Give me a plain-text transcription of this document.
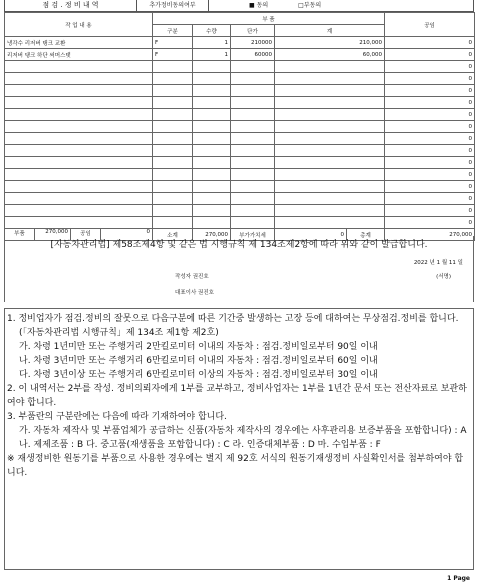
점 검 . 정 비 내 역	추가정비동의여부	■ 동의	□부동의
작 업 내 용	부 품					공임
	구분	수량	단가	계		
냉각수 리저버 탱크 교환	F	1	210000	210,000		0
리저버 탱크 하단 써머스탯	F	1	60000	60,000		0
						0
						0
						0
						0
						0
						0
						0
						0
						0
						0
						0
						0
						0
						0

부품 270,000 공임 0	소계	270,000	부가가치세	0	총계	270,000

[자동차관리법] 제58조제4항 및 같은 법 시행규칙 제 134조제2항에 따라 위와 같이 발급합니다.

2022 년 1 월 11 일
작성자 권진호
대표이사 권진호
(서명)

1. 정비업자가 점검.정비의 잘못으로 다음구분에 따른 기간중 발생하는 고장 등에 대하여는 무상점검.정비를 합니다.

(「자동차관리법 시행규칙」제 134조 제1항 제2호)

가. 차령 1년미만 또는 주행거리 2만킬로미터 이내의 자동차 : 점검.정비일로부터 90일 이내

나. 차령 3년미만 또는 주행거리 6만킬로미터 이내의 자동차 : 점검.정비일로부터 60일 이내

다. 차령 3년이상 또는 주행거리 6만킬로미터 이상의 자동차 : 점검.정비일로부터 30일 이내

2. 이 내역서는 2부를 작성. 정비의뢰자에게 1부를 교부하고, 정비사업자는 1부를 1년간 문서 또는 전산자료로 보관하여야 합니다.

3. 부품란의 구분란에는 다음에 따라 기재하여야 합니다.

가. 자동차 제작사 및 부품업체가 공급하는 신품(자동차 제작사의 경우에는 사후관리용 보증부품을 포함합니다) : A

나. 제제조품 : B 다. 중고품(재생품을 포함합니다) : C 라. 인증대체부품 : D 마. 수입부품 : F

※ 재생정비한 원동기를 부품으로 사용한 경우에는 별지 제 92호 서식의 원동기재생정비 사실확인서를 첨부하여야 합니다.

1 Page
